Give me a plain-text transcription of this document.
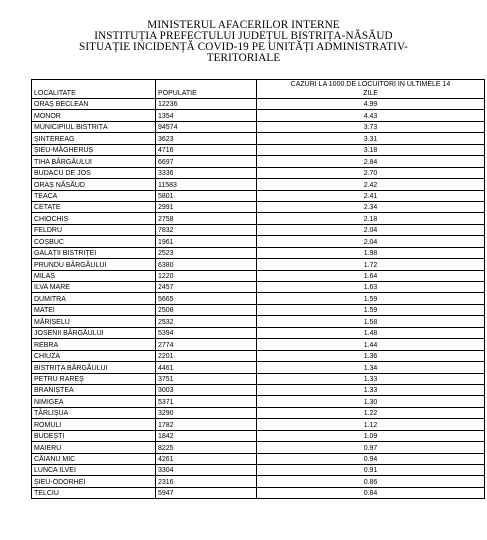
MINISTERUL AFACERILOR INTERNE
INSTITUȚIA PREFECTULUI JUDEȚUL BISTRIȚA-NĂSĂUD
SITUAȚIE INCIDENȚĂ COVID-19 PE UNITĂȚI ADMINISTRATIV-
TERITORIALE
LOCALITATE	POPULATIE	CAZURI LA 1000 DE LOCUITORI IN ULTIMELE 14
ZILE

ORAȘ BECLEAN	12236	4.99
MONOR	1354	4.43
MUNICIPIUL BISTRIȚA	94574	3.73
ȘINTEREAG	3623	3.31
ȘIEU-MĂGHERUȘ	4716	3.18
TIHA BÂRGĂULUI	6697	2.84
BUDACU DE JOS	3336	2.70
ORAȘ NĂSĂUD	11583	2.42
TEACA	5801	2.41
CETATE	2991	2.34
CHIOCHIȘ	2758	2.18
FELDRU	7832	2.04
COȘBUC	1961	2.04
GALAȚII BISTRIȚEI	2523	1.98
PRUNDU BÂRGĂULUI	6380	1.72
MILAȘ	1220	1.64
ILVA MARE	2457	1.63
DUMITRA	5665	1.59
MATEI	2508	1.59
MĂRIȘELU	2532	1.58
JOSENII BÂRGĂULUI	5394	1.48
REBRA	2774	1.44
CHIUZA	2201	1.36
BISTRIȚA BÂRGĂULUI	4461	1.34
PETRU RAREȘ	3751	1.33
BRANIȘTEA	3003	1.33
NIMIGEA	5371	1.30
TÂRLIȘUA	3290	1.22
ROMULI	1782	1.12
BUDEȘTI	1842	1.09
MAIERU	8225	0.97
CĂIANU MIC	4261	0.94
LUNCA ILVEI	3304	0.91
ȘIEU-ODORHEI	2316	0.86
TELCIU	5947	0.84
